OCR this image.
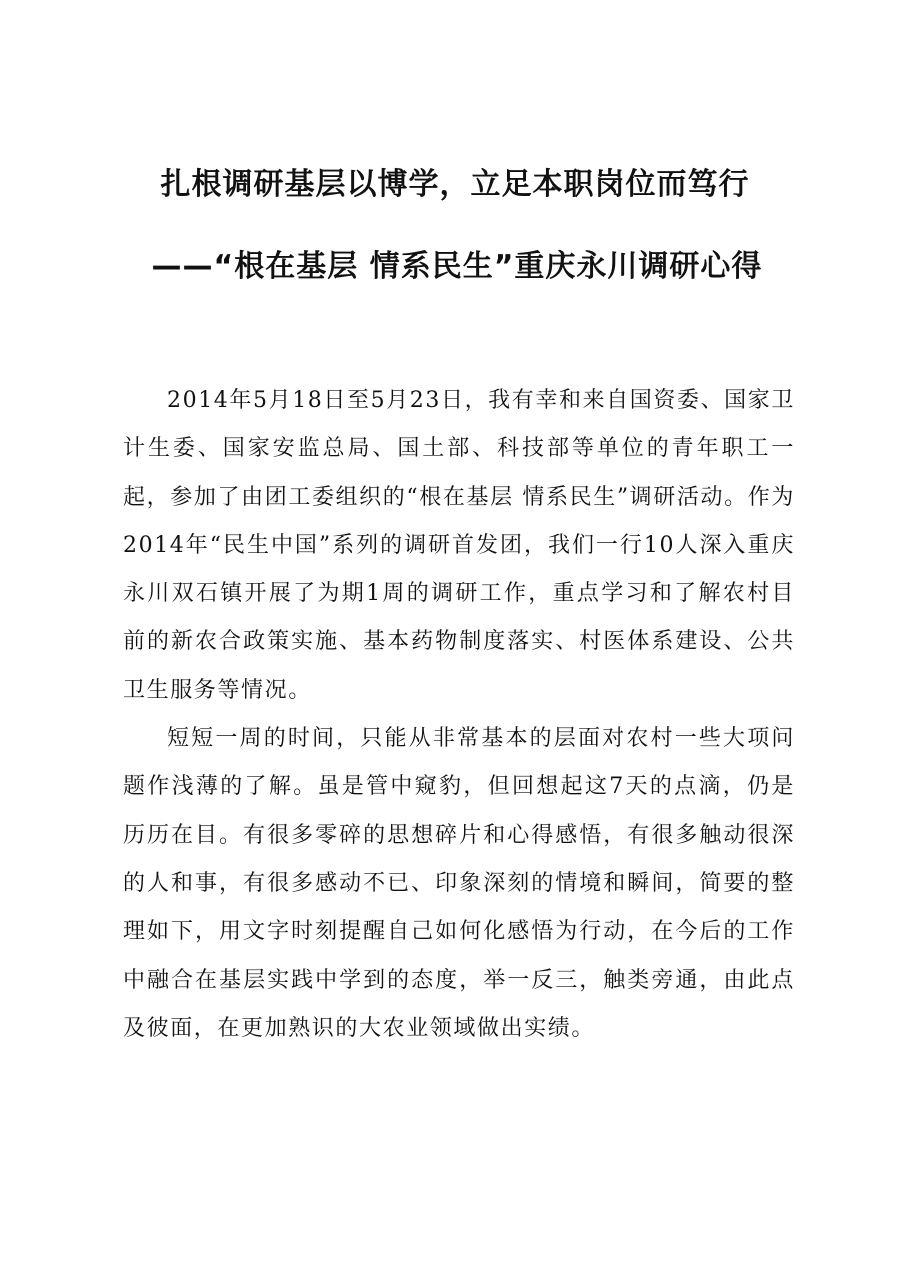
扎根调研基层以博学，立足本职岗位而笃行
——“根在基层 情系民生”重庆永川调研心得

2014年5月18日至5月23日，我有幸和来自国资委、国家卫计生委、国家安监总局、国土部、科技部等单位的青年职工一起，参加了由团工委组织的“根在基层 情系民生”调研活动。作为2014年“民生中国”系列的调研首发团，我们一行10人深入重庆永川双石镇开展了为期1周的调研工作，重点学习和了解农村目前的新农合政策实施、基本药物制度落实、村医体系建设、公共卫生服务等情况。

短短一周的时间，只能从非常基本的层面对农村一些大项问题作浅薄的了解。虽是管中窥豹，但回想起这7天的点滴，仍是历历在目。有很多零碎的思想碎片和心得感悟，有很多触动很深的人和事，有很多感动不已、印象深刻的情境和瞬间，简要的整理如下，用文字时刻提醒自己如何化感悟为行动，在今后的工作中融合在基层实践中学到的态度，举一反三，触类旁通，由此点及彼面，在更加熟识的大农业领域做出实绩。
